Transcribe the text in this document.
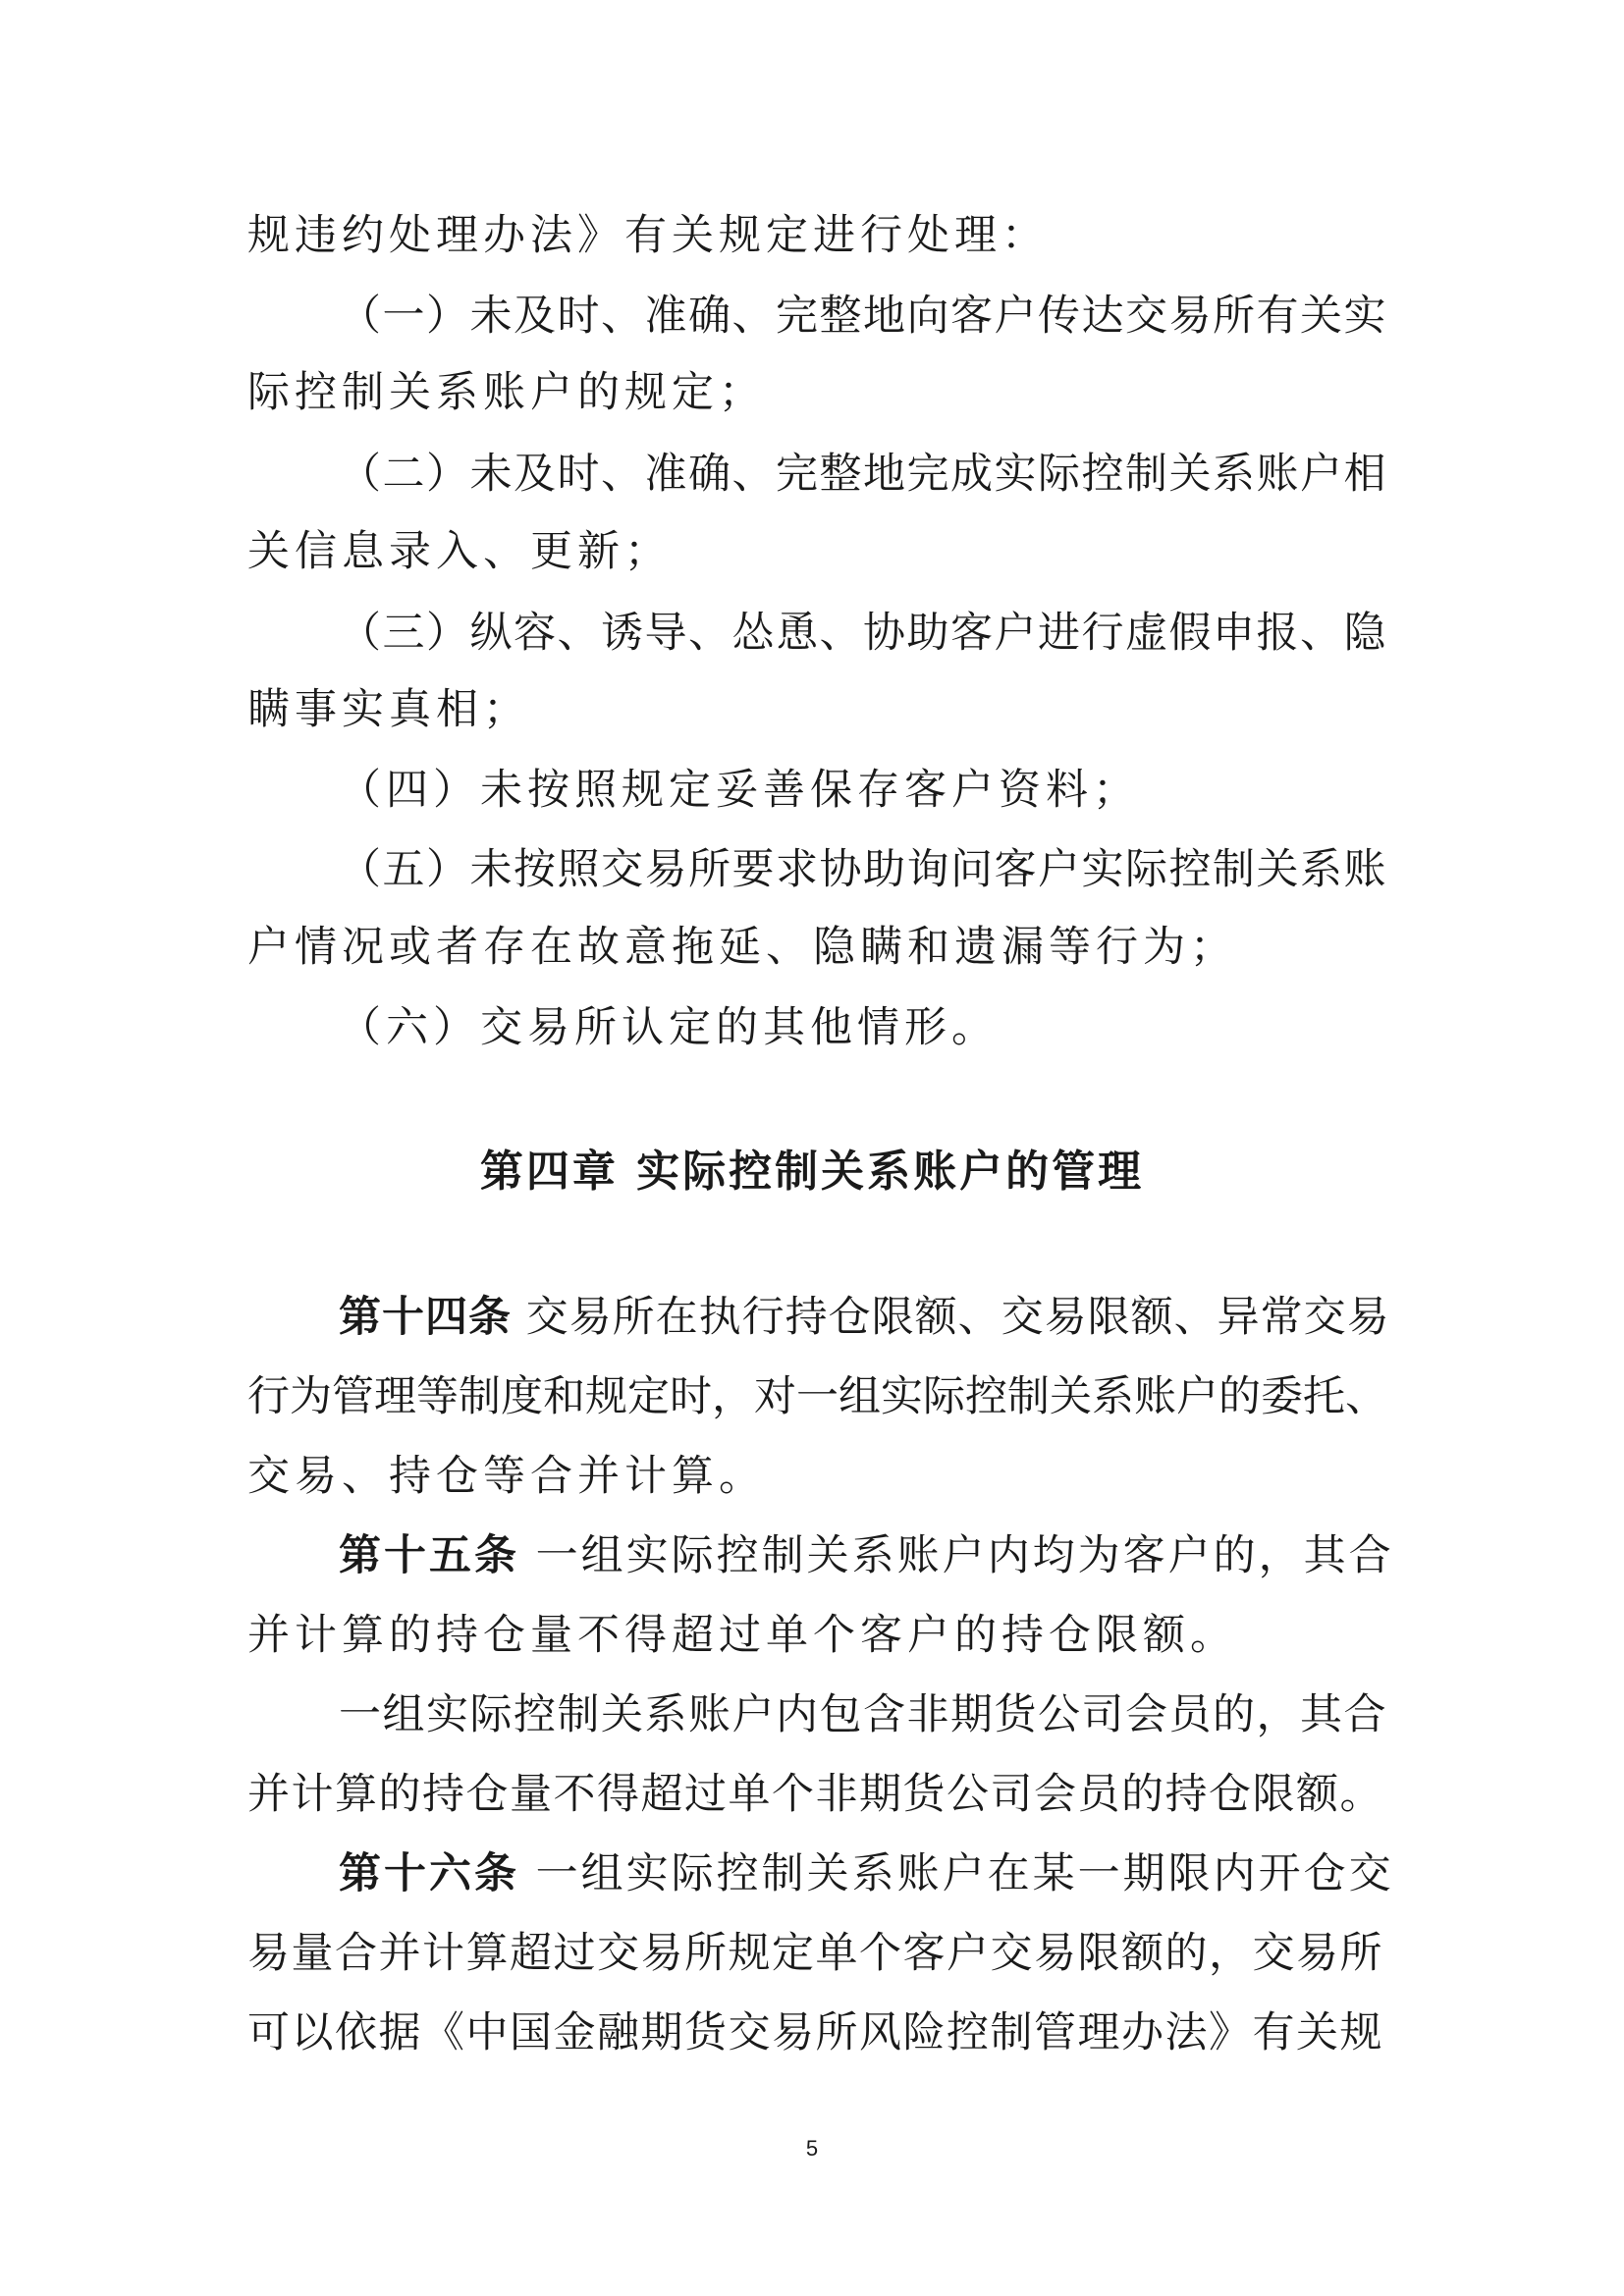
规违约处理办法》有关规定进行处理：
（一）未及时、准确、完整地向客户传达交易所有关实
际控制关系账户的规定；
（二）未及时、准确、完整地完成实际控制关系账户相
关信息录入、更新；
（三）纵容、诱导、怂恿、协助客户进行虚假申报、隐
瞒事实真相；
（四）未按照规定妥善保存客户资料；
（五）未按照交易所要求协助询问客户实际控制关系账
户情况或者存在故意拖延、隐瞒和遗漏等行为；
（六）交易所认定的其他情形。
第四章 实际控制关系账户的管理
第十四条 交易所在执行持仓限额、交易限额、异常交易
行为管理等制度和规定时，对一组实际控制关系账户的委托、
交易、持仓等合并计算。
第十五条 一组实际控制关系账户内均为客户的，其合
并计算的持仓量不得超过单个客户的持仓限额。
一组实际控制关系账户内包含非期货公司会员的，其合
并计算的持仓量不得超过单个非期货公司会员的持仓限额。
第十六条 一组实际控制关系账户在某一期限内开仓交
易量合并计算超过交易所规定单个客户交易限额的，交易所
可以依据《中国金融期货交易所风险控制管理办法》有关规
5
